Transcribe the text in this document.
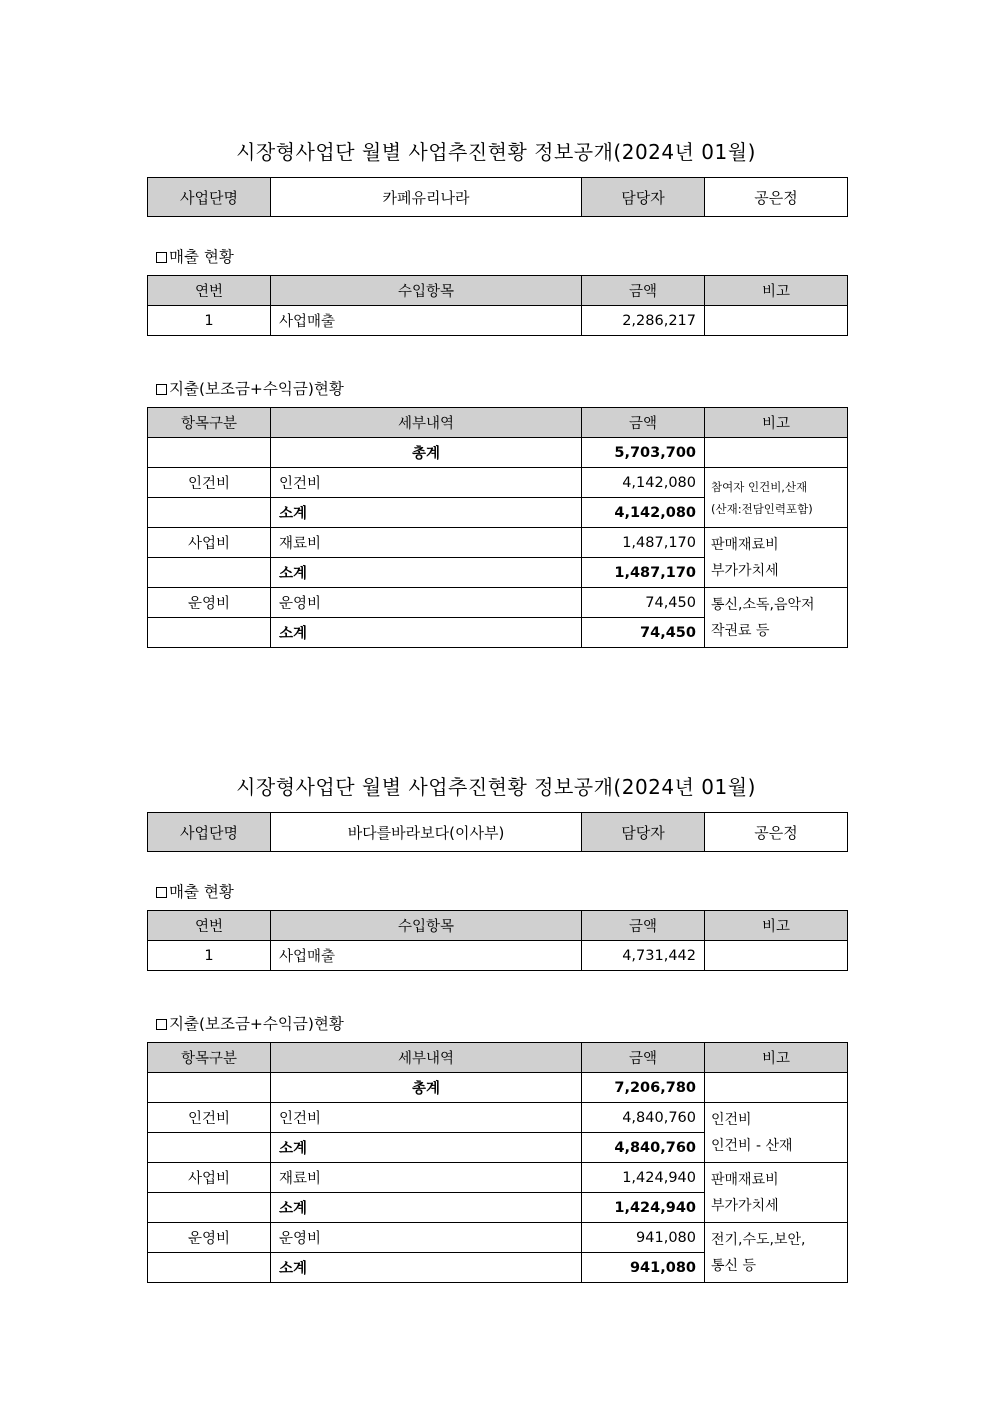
시장형사업단 월별 사업추진현황 정보공개(2024년 01월)
사업단명	카페유리나라	담당자	공은정
매출 현황
연번	수입항목	금액	비고
1	사업매출	2,286,217	
지출(보조금+수익금)현황
항목구분	세부내역	금액	비고
	총계	5,703,700	
인건비	인건비	4,142,080	참여자 인건비,산재
(산재:전담인력포함)

	소계	4,142,080	
사업비	재료비	1,487,170	판매재료비
부가가치세

	소계	1,487,170	
운영비	운영비	74,450	통신,소독,음악저
작권료 등

	소계	74,450	
시장형사업단 월별 사업추진현황 정보공개(2024년 01월)
사업단명	바다를바라보다(이사부)	담당자	공은정
매출 현황
연번	수입항목	금액	비고
1	사업매출	4,731,442	
지출(보조금+수익금)현황
항목구분	세부내역	금액	비고
	총계	7,206,780	
인건비	인건비	4,840,760	인건비
인건비 - 산재

	소계	4,840,760	
사업비	재료비	1,424,940	판매재료비
부가가치세

	소계	1,424,940	
운영비	운영비	941,080	전기,수도,보안,
통신 등

	소계	941,080	
